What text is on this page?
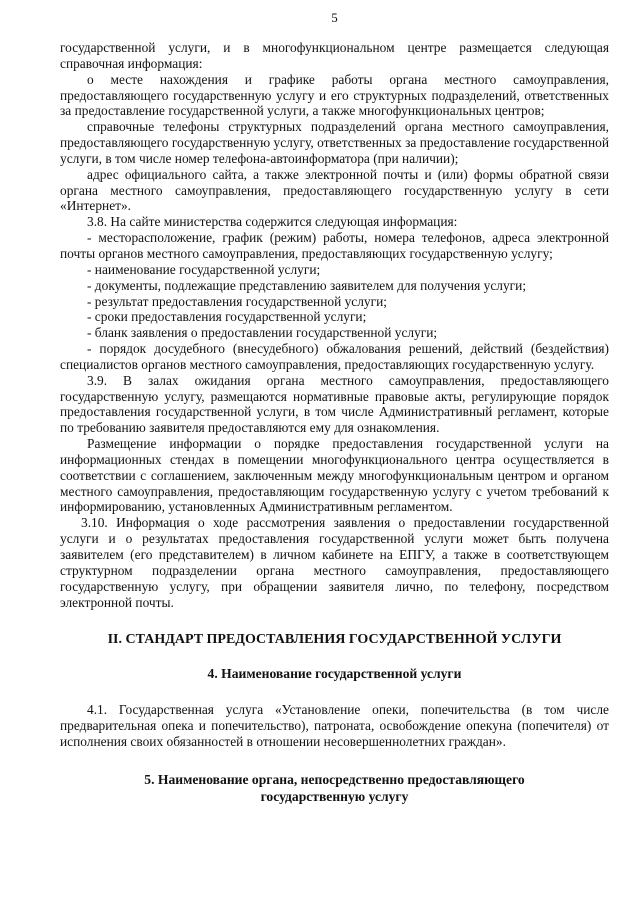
5

государственной услуги, и в многофункциональном центре размещается следующая справочная информация:

о месте нахождения и графике работы органа местного самоуправления, предоставляющего государственную услугу и его структурных подразделений, ответственных за предоставление государственной услуги, а также многофункциональных центров;

справочные телефоны структурных подразделений органа местного самоуправления, предоставляющего государственную услугу, ответственных за предоставление государственной услуги, в том числе номер телефона-автоинформатора (при наличии);

адрес официального сайта, а также электронной почты и (или) формы обратной связи органа местного самоуправления, предоставляющего государственную услугу в сети «Интернет».

3.8. На сайте министерства содержится следующая информация:

- месторасположение, график (режим) работы, номера телефонов, адреса электронной почты органов местного самоуправления, предоставляющих государственную услугу;

- наименование государственной услуги;

- документы, подлежащие представлению заявителем для получения услуги;

- результат предоставления государственной услуги;

- сроки предоставления государственной услуги;

- бланк заявления о предоставлении государственной услуги;

- порядок досудебного (внесудебного) обжалования решений, действий (бездействия) специалистов органов местного самоуправления, предоставляющих государственную услугу.

3.9. В залах ожидания органа местного самоуправления, предоставляющего государственную услугу, размещаются нормативные правовые акты, регулирующие порядок предоставления государственной услуги, в том числе Административный регламент, которые по требованию заявителя предоставляются ему для ознакомления.

Размещение информации о порядке предоставления государственной услуги на информационных стендах в помещении многофункционального центра осуществляется в соответствии с соглашением, заключенным между многофункциональным центром и органом местного самоуправления, предоставляющим государственную услугу с учетом требований к информированию, установленных Административным регламентом.

3.10. Информация о ходе рассмотрения заявления о предоставлении государственной услуги и о результатах предоставления государственной услуги может быть получена заявителем (его представителем) в личном кабинете на ЕПГУ, а также в соответствующем структурном подразделении органа местного самоуправления, предоставляющего государственную услугу, при обращении заявителя лично, по телефону, посредством электронной почты.

II. СТАНДАРТ ПРЕДОСТАВЛЕНИЯ ГОСУДАРСТВЕННОЙ УСЛУГИ
4. Наименование государственной услуги

4.1. Государственная услуга «Установление опеки, попечительства (в том числе предварительная опека и попечительство), патроната, освобождение опекуна (попечителя) от исполнения своих обязанностей в отношении несовершеннолетних граждан».

5. Наименование органа, непосредственно предоставляющего
государственную услугу
